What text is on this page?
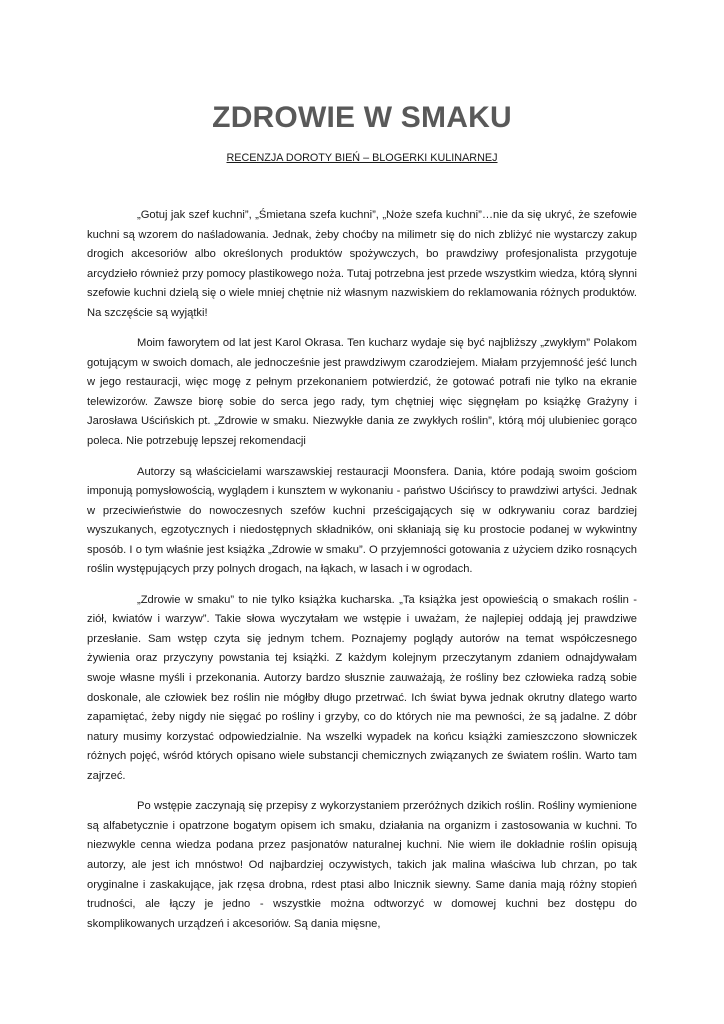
ZDROWIE W SMAKU
RECENZJA DOROTY BIEŃ – BLOGERKI KULINARNEJ

„Gotuj jak szef kuchni”, „Śmietana szefa kuchni”, „Noże szefa kuchni”…nie da się ukryć, że szefowie kuchni są wzorem do naśladowania. Jednak, żeby choćby na milimetr się do nich zbliżyć nie wystarczy zakup drogich akcesoriów albo określonych produktów spożywczych, bo prawdziwy profesjonalista przygotuje arcydzieło również przy pomocy plastikowego noża. Tutaj potrzebna jest przede wszystkim wiedza, którą słynni szefowie kuchni dzielą się o wiele mniej chętnie niż własnym nazwiskiem do reklamowania różnych produktów. Na szczęście są wyjątki!

Moim faworytem od lat jest Karol Okrasa. Ten kucharz wydaje się być najbliższy „zwykłym” Polakom gotującym w swoich domach, ale jednocześnie jest prawdziwym czarodziejem. Miałam przyjemność jeść lunch w jego restauracji, więc mogę z pełnym przekonaniem potwierdzić, że gotować potrafi nie tylko na ekranie telewizorów. Zawsze biorę sobie do serca jego rady, tym chętniej więc sięgnęłam po książkę Grażyny i Jarosława Uścińskich pt. „Zdrowie w smaku. Niezwykłe dania ze zwykłych roślin”, którą mój ulubieniec gorąco poleca. Nie potrzebuję lepszej rekomendacji

Autorzy są właścicielami warszawskiej restauracji Moonsfera. Dania, które podają swoim gościom imponują pomysłowością, wyglądem i kunsztem w wykonaniu - państwo Uścińscy to prawdziwi artyści. Jednak w przeciwieństwie do nowoczesnych szefów kuchni prześcigających się w odkrywaniu coraz bardziej wyszukanych, egzotycznych i niedostępnych składników, oni skłaniają się ku prostocie podanej w wykwintny sposób. I o tym właśnie jest książka „Zdrowie w smaku”. O przyjemności gotowania z użyciem dziko rosnących roślin występujących przy polnych drogach, na łąkach, w lasach i w ogrodach.

„Zdrowie w smaku” to nie tylko książka kucharska. „Ta książka jest opowieścią o smakach roślin - ziół, kwiatów i warzyw”. Takie słowa wyczytałam we wstępie i uważam, że najlepiej oddają jej prawdziwe przesłanie. Sam wstęp czyta się jednym tchem. Poznajemy poglądy autorów na temat współczesnego żywienia oraz przyczyny powstania tej książki. Z każdym kolejnym przeczytanym zdaniem odnajdywałam swoje własne myśli i przekonania. Autorzy bardzo słusznie zauważają, że rośliny bez człowieka radzą sobie doskonale, ale człowiek bez roślin nie mógłby długo przetrwać. Ich świat bywa jednak okrutny dlatego warto zapamiętać, żeby nigdy nie sięgać po rośliny i grzyby, co do których nie ma pewności, że są jadalne. Z dóbr natury musimy korzystać odpowiedzialnie. Na wszelki wypadek na końcu książki zamieszczono słowniczek różnych pojęć, wśród których opisano wiele substancji chemicznych związanych ze światem roślin. Warto tam zajrzeć.

Po wstępie zaczynają się przepisy z wykorzystaniem przeróżnych dzikich roślin. Rośliny wymienione są alfabetycznie i opatrzone bogatym opisem ich smaku, działania na organizm i zastosowania w kuchni. To niezwykle cenna wiedza podana przez pasjonatów naturalnej kuchni. Nie wiem ile dokładnie roślin opisują autorzy, ale jest ich mnóstwo! Od najbardziej oczywistych, takich jak malina właściwa lub chrzan, po tak oryginalne i zaskakujące, jak rzęsa drobna, rdest ptasi albo lnicznik siewny. Same dania mają różny stopień trudności, ale łączy je jedno - wszystkie można odtworzyć w domowej kuchni bez dostępu do skomplikowanych urządzeń i akcesoriów. Są dania mięsne,
